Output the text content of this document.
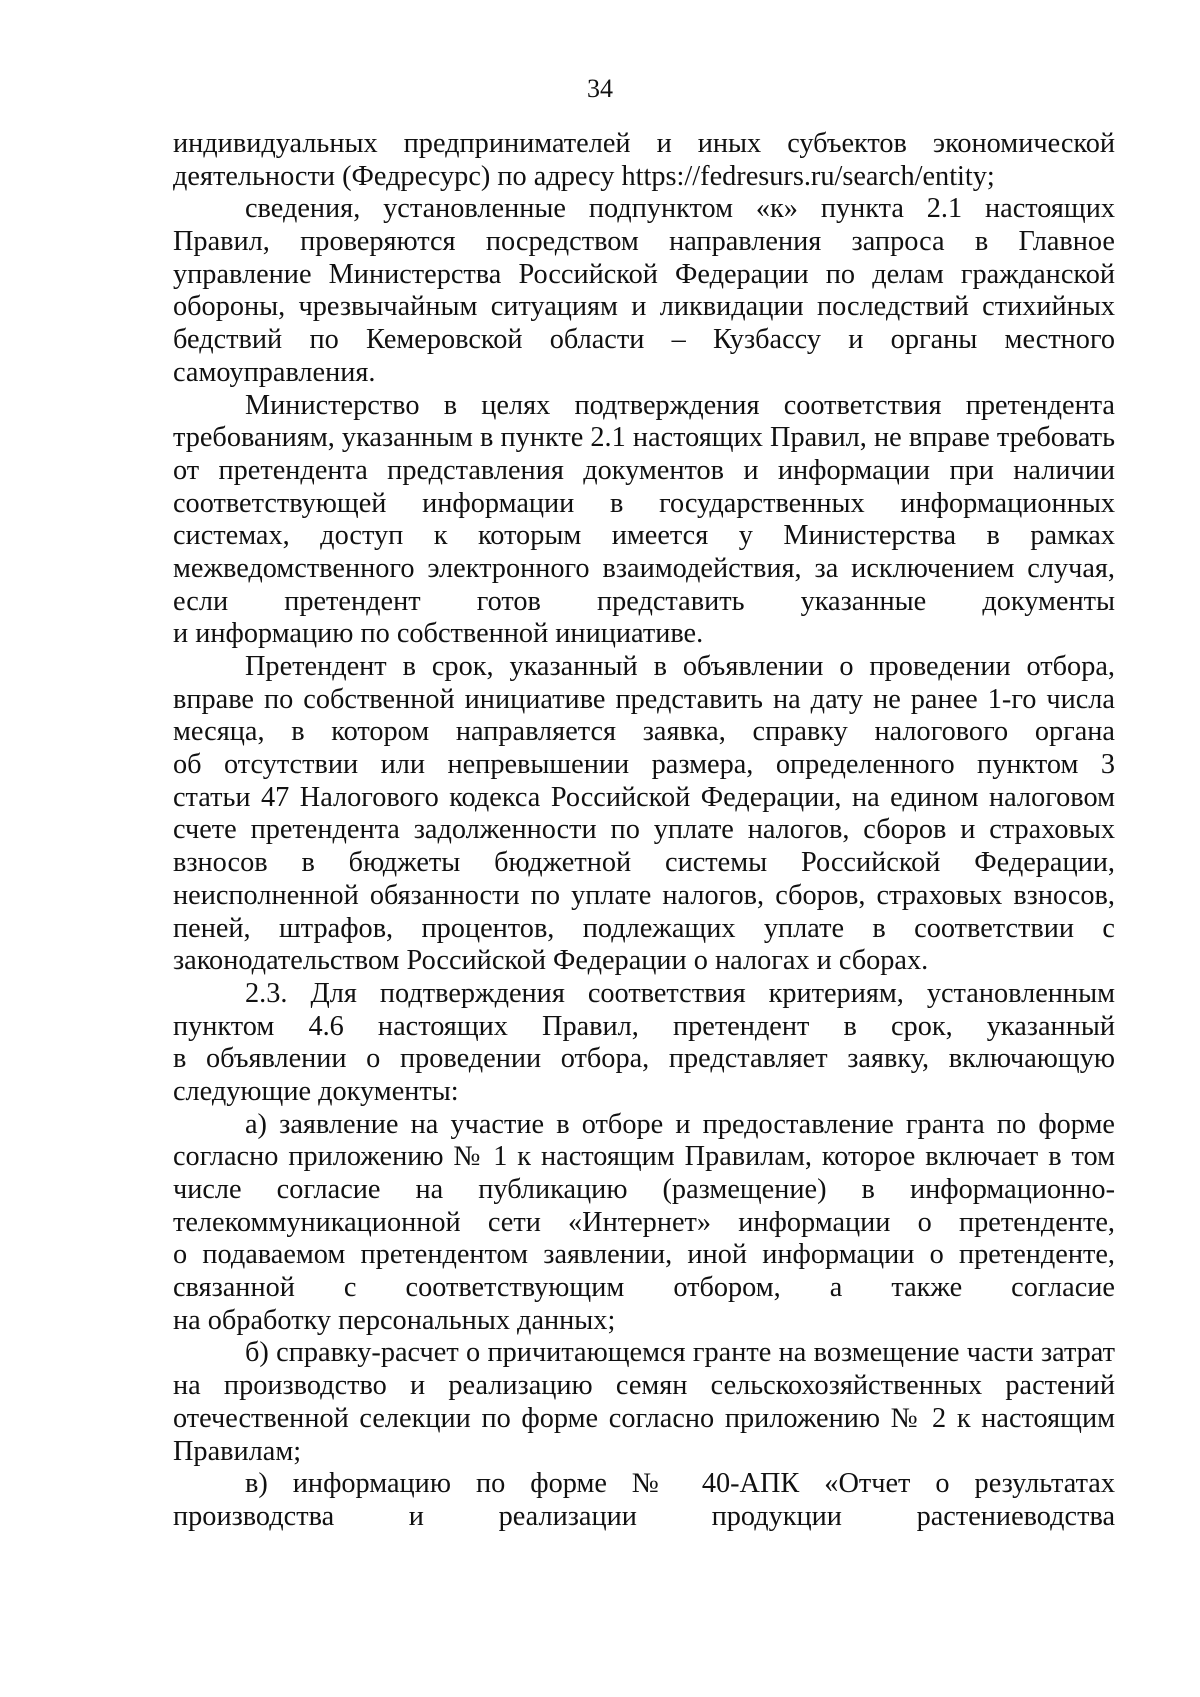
34
индивидуальных предпринимателей и иных субъектов экономической
деятельности (Федресурс) по адресу https://fedresurs.ru/search/entity;
сведения, установленные подпунктом «к» пункта 2.1 настоящих
Правил, проверяются посредством направления запроса в Главное
управление Министерства Российской Федерации по делам гражданской
обороны, чрезвычайным ситуациям и ликвидации последствий стихийных
бедствий по Кемеровской области – Кузбассу и органы местного
самоуправления.
Министерство в целях подтверждения соответствия претендента
требованиям, указанным в пункте 2.1 настоящих Правил, не вправе требовать
от претендента представления документов и информации при наличии
соответствующей информации в государственных информационных
системах, доступ к которым имеется у Министерства в рамках
межведомственного электронного взаимодействия, за исключением случая,
если претендент готов представить указанные документы
и информацию по собственной инициативе.
Претендент в срок, указанный в объявлении о проведении отбора,
вправе по собственной инициативе представить на дату не ранее 1-го числа
месяца, в котором направляется заявка, справку налогового органа
об отсутствии или непревышении размера, определенного пунктом 3
статьи 47 Налогового кодекса Российской Федерации, на едином налоговом
счете претендента задолженности по уплате налогов, сборов и страховых
взносов в бюджеты бюджетной системы Российской Федерации,
неисполненной обязанности по уплате налогов, сборов, страховых взносов,
пеней, штрафов, процентов, подлежащих уплате в соответствии с
законодательством Российской Федерации о налогах и сборах.
2.3. Для подтверждения соответствия критериям, установленным
пунктом 4.6 настоящих Правил, претендент в срок, указанный
в объявлении о проведении отбора, представляет заявку, включающую
следующие документы:
а) заявление на участие в отборе и предоставление гранта по форме
согласно приложению № 1 к настоящим Правилам, которое включает в том
числе согласие на публикацию (размещение) в информационно-
телекоммуникационной сети «Интернет» информации о претенденте,
о подаваемом претендентом заявлении, иной информации о претенденте,
связанной с соответствующим отбором, а также согласие
на обработку персональных данных;
б) справку-расчет о причитающемся гранте на возмещение части затрат
на производство и реализацию семян сельскохозяйственных растений
отечественной селекции по форме согласно приложению № 2 к настоящим
Правилам;
в) информацию по форме № 40-АПК «Отчет о результатах
производства и реализации продукции растениеводства
